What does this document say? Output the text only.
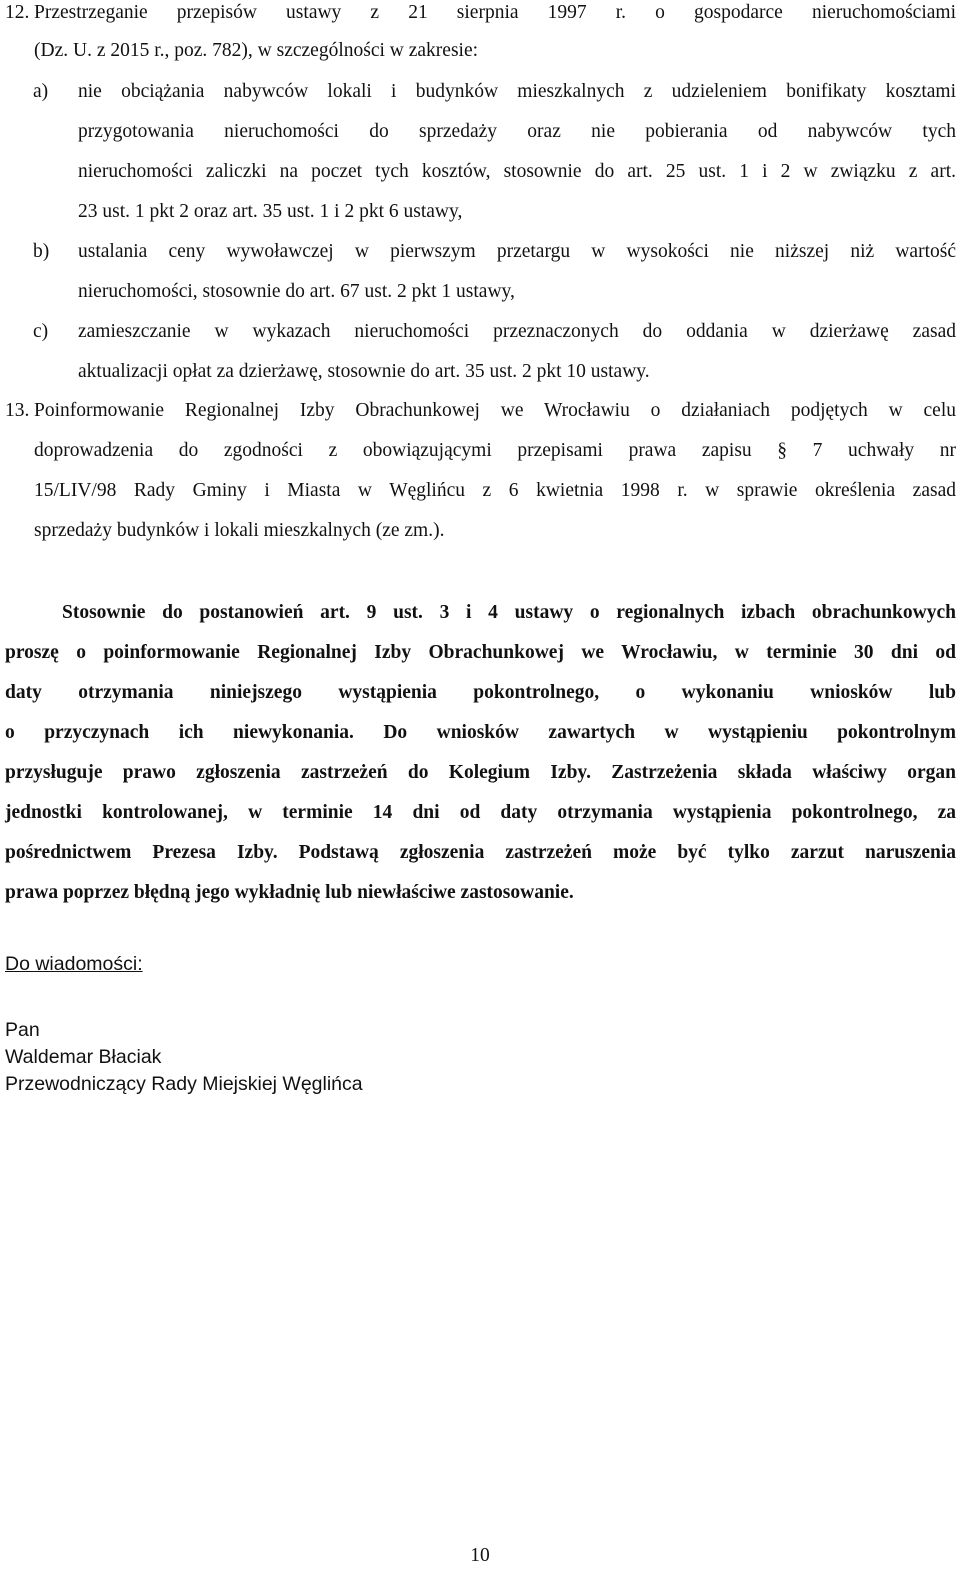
12. Przestrzeganie przepisów ustawy z 21 sierpnia 1997 r. o gospodarce nieruchomościami
(Dz. U. z 2015 r., poz. 782), w szczególności w zakresie:
a)	nie obciążania nabywców lokali i budynków mieszkalnych z udzieleniem bonifikaty kosztami
przygotowania nieruchomości do sprzedaży oraz nie pobierania od nabywców tych
nieruchomości zaliczki na poczet tych kosztów, stosownie do art. 25 ust. 1 i 2 w związku z art.
23 ust. 1 pkt 2 oraz art. 35 ust. 1 i 2 pkt 6 ustawy,
b)	ustalania ceny wywoławczej w pierwszym przetargu w wysokości nie niższej niż wartość
nieruchomości, stosownie do art. 67 ust. 2 pkt 1 ustawy,
c)	zamieszczanie w wykazach nieruchomości przeznaczonych do oddania w dzierżawę zasad
aktualizacji opłat za dzierżawę, stosownie do art. 35 ust. 2 pkt 10 ustawy.
13. Poinformowanie Regionalnej Izby Obrachunkowej we Wrocławiu o działaniach podjętych w celu
doprowadzenia do zgodności z obowiązującymi przepisami prawa zapisu § 7 uchwały nr
15/LIV/98 Rady Gminy i Miasta w Węglińcu z 6 kwietnia 1998 r. w sprawie określenia zasad
sprzedaży budynków i lokali mieszkalnych (ze zm.).
Stosownie do postanowień art. 9 ust. 3 i 4 ustawy o regionalnych izbach obrachunkowych
proszę o poinformowanie Regionalnej Izby Obrachunkowej we Wrocławiu, w terminie 30 dni od
daty otrzymania niniejszego wystąpienia pokontrolnego, o wykonaniu wniosków lub
o przyczynach ich niewykonania. Do wniosków zawartych w wystąpieniu pokontrolnym
przysługuje prawo zgłoszenia zastrzeżeń do Kolegium Izby. Zastrzeżenia składa właściwy organ
jednostki kontrolowanej, w terminie 14 dni od daty otrzymania wystąpienia pokontrolnego, za
pośrednictwem Prezesa Izby. Podstawą zgłoszenia zastrzeżeń może być tylko zarzut naruszenia
prawa poprzez błędną jego wykładnię lub niewłaściwe zastosowanie.
Do wiadomości:
Pan
Waldemar Błaciak
Przewodniczący Rady Miejskiej Węglińca
10
